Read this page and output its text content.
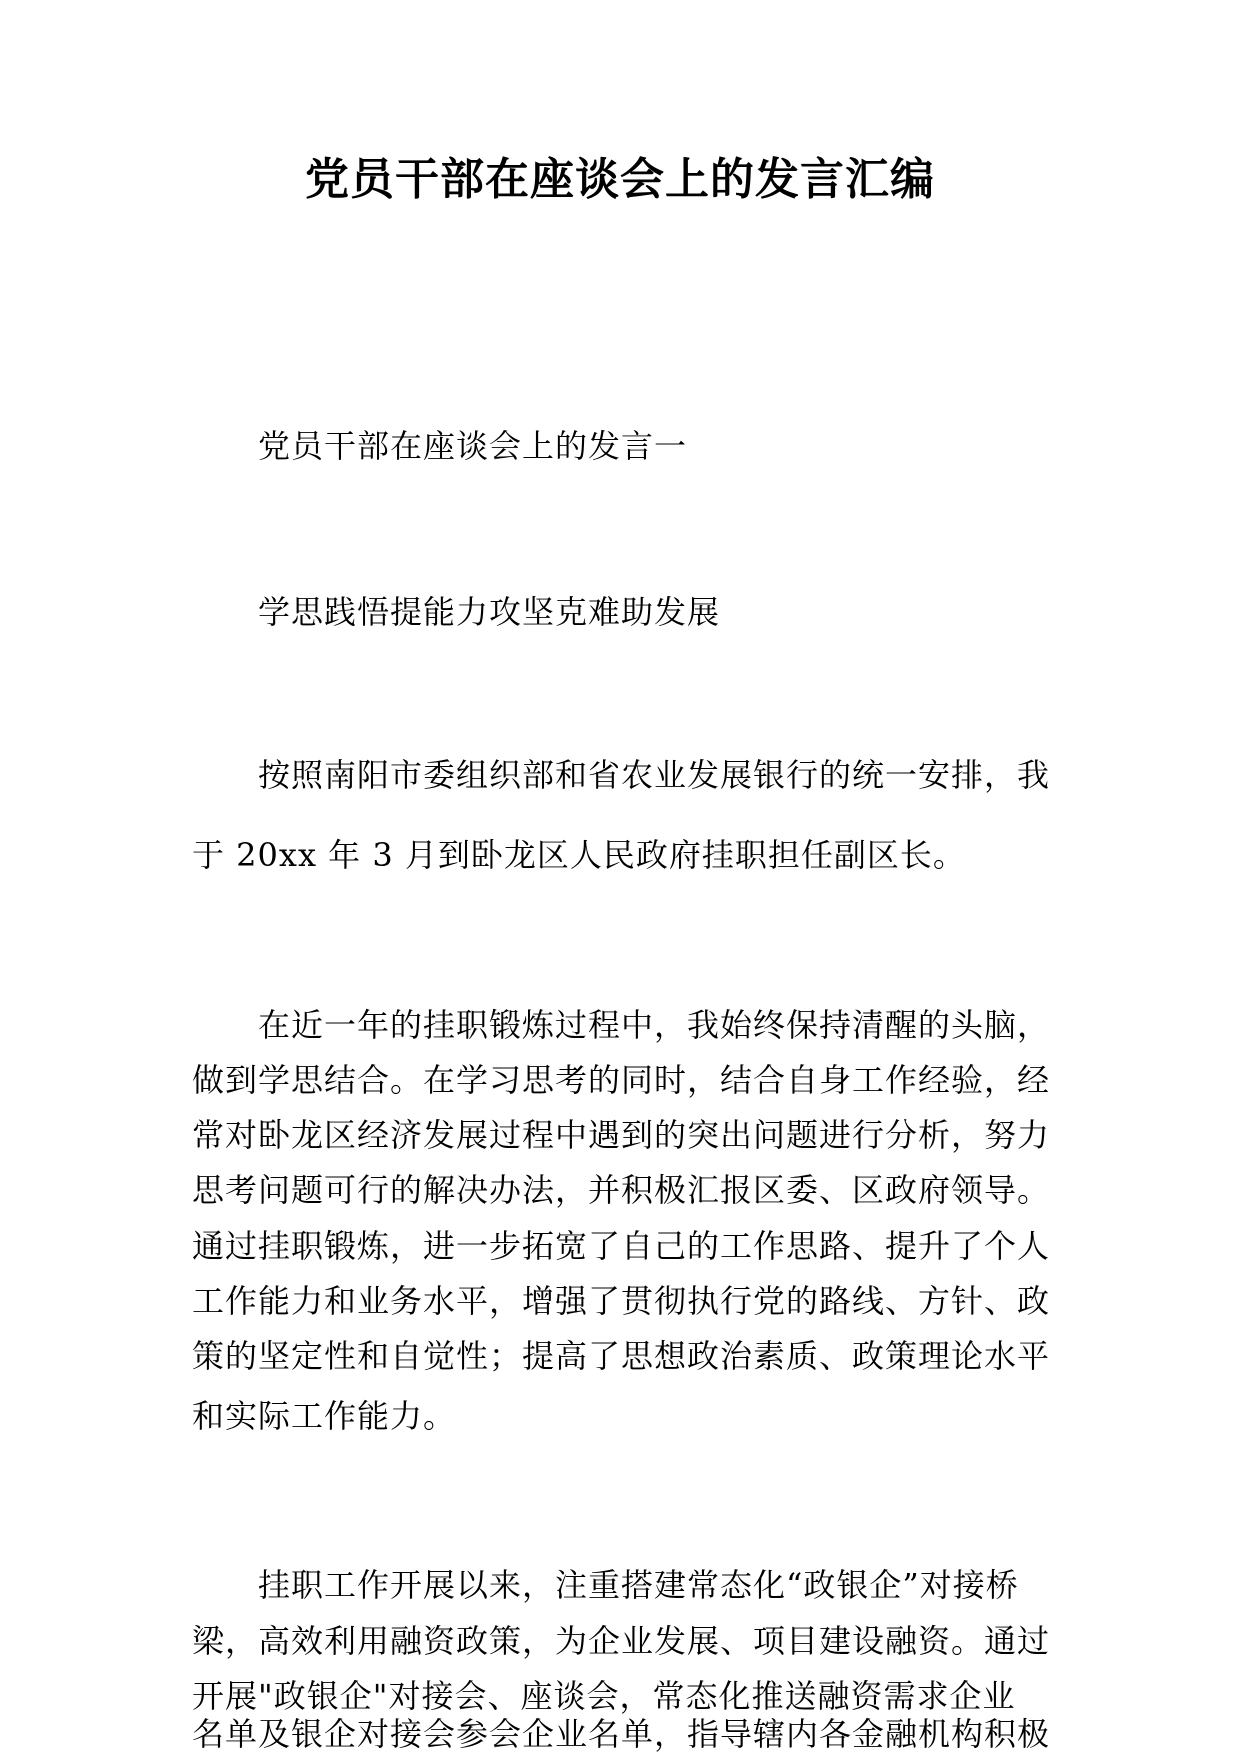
党员干部在座谈会上的发言汇编
党员干部在座谈会上的发言一
学思践悟提能力攻坚克难助发展
按照南阳市委组织部和省农业发展银行的统一安排，我
于 20xx 年 3 月到卧龙区人民政府挂职担任副区长。
在近一年的挂职锻炼过程中，我始终保持清醒的头脑，
做到学思结合。在学习思考的同时，结合自身工作经验，经
常对卧龙区经济发展过程中遇到的突出问题进行分析，努力
思考问题可行的解决办法，并积极汇报区委、区政府领导。
通过挂职锻炼，进一步拓宽了自己的工作思路、提升了个人
工作能力和业务水平，增强了贯彻执行党的路线、方针、政
策的坚定性和自觉性；提高了思想政治素质、政策理论水平
和实际工作能力。
挂职工作开展以来，注重搭建常态化“政银企”对接桥
梁，高效利用融资政策，为企业发展、项目建设融资。通过
开展"政银企"对接会、座谈会，常态化推送融资需求企业
名单及银企对接会参会企业名单，指导辖内各金融机构积极
